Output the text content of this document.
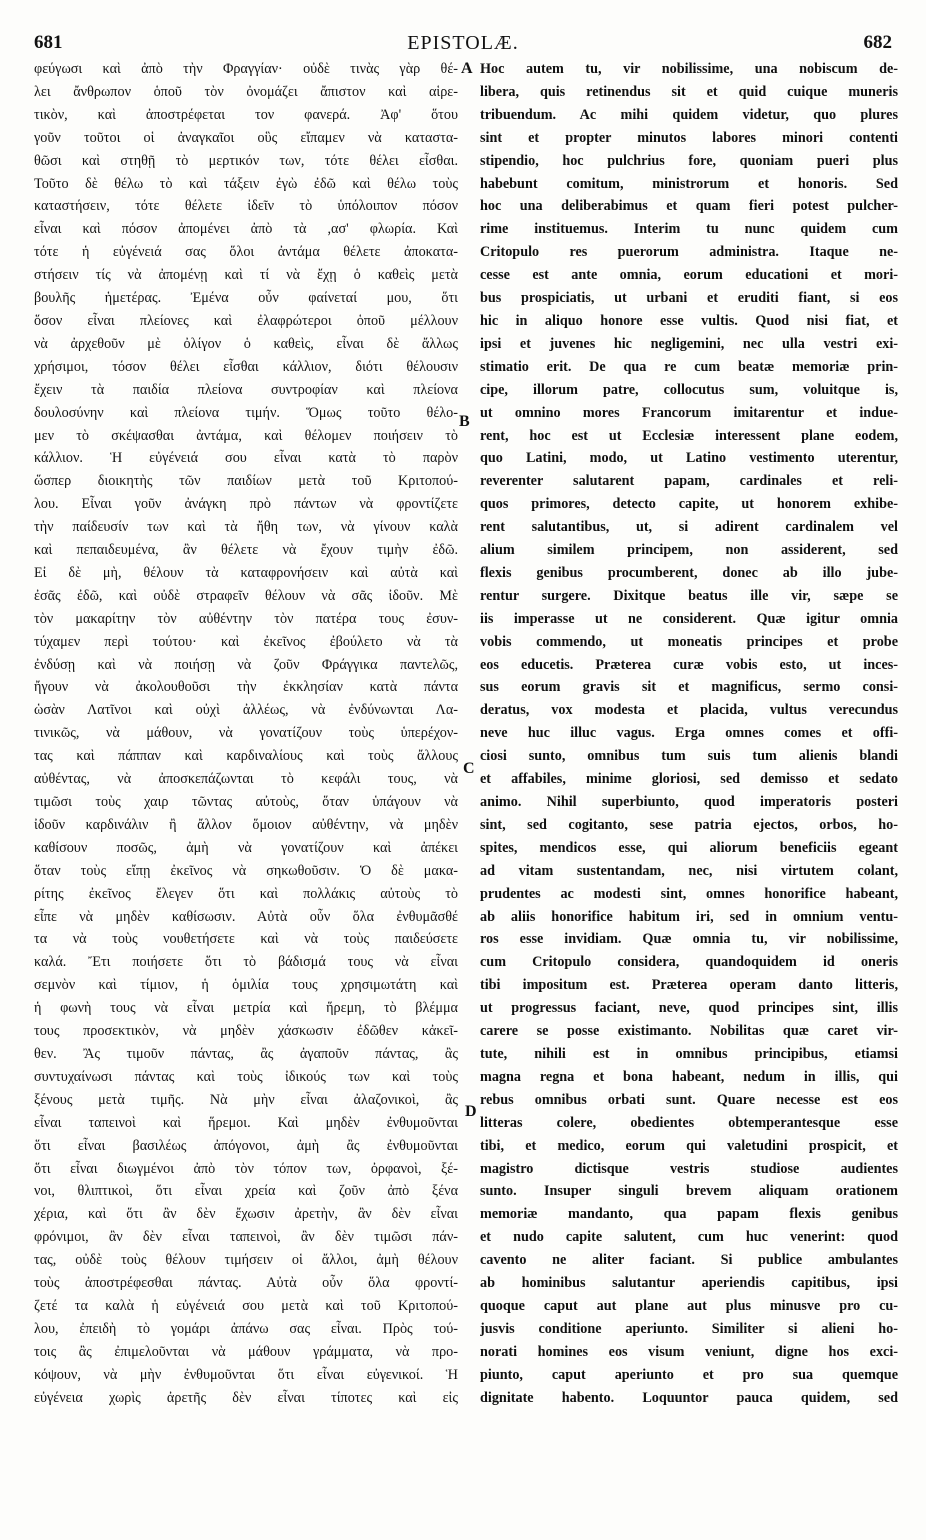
681	EPISTOLÆ.	682
φεύγωσι καὶ ἀπὸ τὴν Φραγγίαν· οὐδὲ τινὰς γὰρ θέ-
λει ἄνθρωπον ὁποῦ τὸν ὀνομάζει ἄπιστον καὶ αἱρε-
τικὸν, καὶ ἀποστρέφεται τον φανερά. Ἀφ' ὅτου
γοῦν τοῦτοι οἱ ἀναγκαῖοι οὓς εἴπαμεν νὰ καταστα-
θῶσι καὶ στηθῇ τὸ μερτικόν των, τότε θέλει εἶσθαι.
Τοῦτο δὲ θέλω τὸ καὶ τάξειν ἐγὼ ἐδῶ καὶ θέλω τοὺς
καταστήσειν, τότε θέλετε ἰδεῖν τὸ ὑπόλοιπον πόσον
εἶναι καὶ πόσον ἀπομένει ἀπὸ τὰ ,ασ' φλωρία. Καὶ
τότε ἡ εὐγένειά σας ὅλοι ἀντάμα θέλετε ἀποκατα-
στήσειν τίς νὰ ἀπομένῃ καὶ τί νὰ ἔχῃ ὁ καθεὶς μετὰ
βουλῆς ἡμετέρας. Ἐμένα οὖν φαίνεταί μου, ὅτι
ὅσον εἶναι πλείονες καὶ ἐλαφρώτεροι ὁποῦ μέλλουν
νὰ ἀρχεθοῦν μὲ ὀλίγον ὁ καθεὶς, εἶναι δὲ ἄλλως
χρήσιμοι, τόσον θέλει εἶσθαι κάλλιον, διότι θέλουσιν
ἔχειν τὰ παιδία πλείονα συντροφίαν καὶ πλείονα
δουλοσύνην καὶ πλείονα τιμήν. Ὅμως τοῦτο θέλο-
μεν τὸ σκέψασθαι ἀντάμα, καὶ θέλομεν ποιήσειν τὸ
κάλλιον. Ἡ εὐγένειά σου εἶναι κατὰ τὸ παρὸν
ὥσπερ διοικητὴς τῶν παιδίων μετὰ τοῦ Κριτοπού-
λου. Εἶναι γοῦν ἀνάγκη πρὸ πάντων νὰ φροντίζετε
τὴν παίδευσίν των καὶ τὰ ἤθη των, νὰ γίνουν καλὰ
καὶ πεπαιδευμένα, ἂν θέλετε νὰ ἔχουν τιμὴν ἐδῶ.
Εἰ δὲ μὴ, θέλουν τὰ καταφρονήσειν καὶ αὐτὰ καὶ
ἐσᾶς ἐδῶ, καὶ οὐδὲ στραφεῖν θέλουν νὰ σᾶς ἰδοῦν. Μὲ
τὸν μακαρίτην τὸν αὐθέντην τὸν πατέρα τους ἐσυν-
τύχαμεν περὶ τούτου· καὶ ἐκεῖνος ἐβούλετο νὰ τὰ
ἐνδύσῃ καὶ νὰ ποιήσῃ νὰ ζοῦν Φράγγικα παντελῶς,
ἤγουν νὰ ἀκολουθοῦσι τὴν ἐκκλησίαν κατὰ πάντα
ὡσὰν Λατῖνοι καὶ οὐχὶ ἀλλέως, νὰ ἐνδύνωνται Λα-
τινικῶς, νὰ μάθουν, νὰ γονατίζουν τοὺς ὑπερέχον-
τας καὶ πάππαν καὶ καρδιναλίους καὶ τοὺς ἄλλους
αὐθέντας, νὰ ἀποσκεπάζωνται τὸ κεφάλι τους, νὰ
τιμῶσι τοὺς χαιρ τῶντας αὐτοὺς, ὅταν ὑπάγουν νὰ
ἰδοῦν καρδινάλιν ἢ ἄλλον ὅμοιον αὐθέντην, νὰ μηδὲν
καθίσουν ποσῶς, ἀμὴ νὰ γονατίζουν καὶ ἀπέκει
ὅταν τοὺς εἴπῃ ἐκεῖνος νὰ σηκωθοῦσιν. Ὁ δὲ μακα-
ρίτης ἐκεῖνος ἔλεγεν ὅτι καὶ πολλάκις αὐτοὺς τὸ
εἶπε νὰ μηδὲν καθίσωσιν. Αὐτὰ οὖν ὅλα ἐνθυμᾶσθέ
τα νὰ τοὺς νουθετήσετε καὶ νὰ τοὺς παιδεύσετε
καλά. Ἔτι ποιήσετε ὅτι τὸ βάδισμά τους νὰ εἶναι
σεμνὸν καὶ τίμιον, ἡ ὁμιλία τους χρησιμωτάτη καὶ
ἡ φωνὴ τους νὰ εἶναι μετρία καὶ ἥρεμη, τὸ βλέμμα
τους προσεκτικὸν, νὰ μηδὲν χάσκωσιν ἐδῶθεν κἀκεῖ-
θεν. Ἂς τιμοῦν πάντας, ἂς ἀγαποῦν πάντας, ἂς
συντυχαίνωσι πάντας καὶ τοὺς ἰδικούς των καὶ τοὺς
ξένους μετὰ τιμῆς. Νὰ μὴν εἶναι ἀλαζονικοὶ, ἂς
εἶναι ταπεινοὶ καὶ ἥρεμοι. Καὶ μηδὲν ἐνθυμοῦνται
ὅτι εἶναι βασιλέως ἀπόγονοι, ἀμὴ ἂς ἐνθυμοῦνται
ὅτι εἶναι διωγμένοι ἀπὸ τὸν τόπον των, ὀρφανοὶ, ξέ-
νοι, θλιπτικοὶ, ὅτι εἶναι χρεία καὶ ζοῦν ἀπὸ ξένα
χέρια, καὶ ὅτι ἂν δὲν ἔχωσιν ἀρετὴν, ἂν δὲν εἶναι
φρόνιμοι, ἂν δὲν εἶναι ταπεινοὶ, ἂν δὲν τιμῶσι πάν-
τας, οὐδὲ τοὺς θέλουν τιμήσειν οἱ ἄλλοι, ἀμὴ θέλουν
τοὺς ἀποστρέφεσθαι πάντας. Αὐτὰ οὖν ὅλα φροντί-
ζετέ τα καλὰ ἡ εὐγένειά σου μετὰ καὶ τοῦ Κριτοπού-
λου, ἐπειδὴ τὸ γομάρι ἀπάνω σας εἶναι. Πρὸς τού-
τοις ἂς ἐπιμελοῦνται νὰ μάθουν γράμματα, νὰ προ-
κόψουν, νὰ μὴν ἐνθυμοῦνται ὅτι εἶναι εὐγενικοί. Ἡ
εὐγένεια χωρὶς ἀρετῆς δὲν εἶναι τίποτες καὶ εἰς
Hoc autem tu, vir nobilissime, una nobiscum de-
libera, quis retinendus sit et quid cuique muneris
tribuendum. Ac mihi quidem videtur, quo plures
sint et propter minutos labores minori contenti
stipendio, hoc pulchrius fore, quoniam pueri plus
habebunt comitum, ministrorum et honoris. Sed
hoc una deliberabimus et quam fieri potest pulcher-
rime instituemus. Interim tu nunc quidem cum
Critopulo res puerorum administra. Itaque ne-
cesse est ante omnia, eorum educationi et mori-
bus prospiciatis, ut urbani et eruditi fiant, si eos
hic in aliquo honore esse vultis. Quod nisi fiat, et
ipsi et juvenes hic negligemini, nec ulla vestri exi-
stimatio erit. De qua re cum beatæ memoriæ prin-
cipe, illorum patre, collocutus sum, voluitque is,
ut omnino mores Francorum imitarentur et indue-
rent, hoc est ut Ecclesiæ interessent plane eodem,
quo Latini, modo, ut Latino vestimento uterentur,
reverenter salutarent papam, cardinales et reli-
quos primores, detecto capite, ut honorem exhibe-
rent salutantibus, ut, si adirent cardinalem vel
alium similem principem, non assiderent, sed
flexis genibus procumberent, donec ab illo jube-
rentur surgere. Dixitque beatus ille vir, sæpe se
iis imperasse ut ne considerent. Quæ igitur omnia
vobis commendo, ut moneatis principes et probe
eos educetis. Præterea curæ vobis esto, ut inces-
sus eorum gravis sit et magnificus, sermo consi-
deratus, vox modesta et placida, vultus verecundus
neve huc illuc vagus. Erga omnes comes et offi-
ciosi sunto, omnibus tum suis tum alienis blandi
et affabiles, minime gloriosi, sed demisso et sedato
animo. Nihil superbiunto, quod imperatoris posteri
sint, sed cogitanto, sese patria ejectos, orbos, ho-
spites, mendicos esse, qui aliorum beneficiis egeant
ad vitam sustentandam, nec, nisi virtutem colant,
prudentes ac modesti sint, omnes honorifice habeant,
ab aliis honorifice habitum iri, sed in omnium ventu-
ros esse invidiam. Quæ omnia tu, vir nobilissime,
cum Critopulo considera, quandoquidem id oneris
tibi impositum est. Præterea operam danto litteris,
ut progressus faciant, neve, quod principes sint, illis
carere se posse existimanto. Nobilitas quæ caret vir-
tute, nihili est in omnibus principibus, etiamsi
magna regna et bona habeant, nedum in illis, qui
rebus omnibus orbati sunt. Quare necesse est eos
litteras colere, obedientes obtemperantesque esse
tibi, et medico, eorum qui valetudini prospicit, et
magistro dictisque vestris studiose audientes
sunto. Insuper singuli brevem aliquam orationem
memoriæ mandanto, qua papam flexis genibus
et nudo capite salutent, cum huc venerint: quod
cavento ne aliter faciant. Si publice ambulantes
ab hominibus salutantur aperiendis capitibus, ipsi
quoque caput aut plane aut plus minusve pro cu-
jusvis conditione aperiunto. Similiter si alieni ho-
norati homines eos visum veniunt, digne hos exci-
piunto, caput aperiunto et pro sua quemque
dignitate habento. Loquuntor pauca quidem, sed
A
B
C
D
